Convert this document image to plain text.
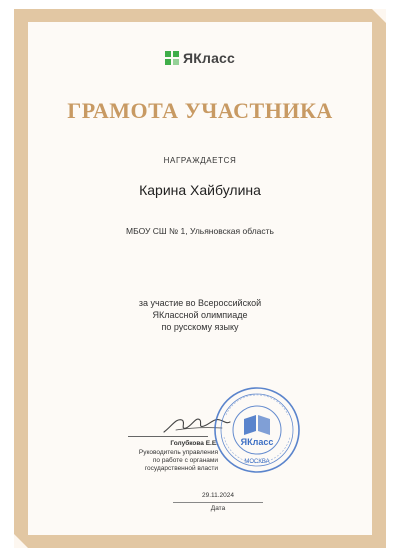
ЯКласс
ГРАМОТА УЧАСТНИКА
НАГРАЖДАЕТСЯ
Карина Хайбулина
МБОУ СШ № 1, Ульяновская область
за участие во Всероссийской
ЯКлассной олимпиаде
по русскому языку
Голубкова Е.Е.
Руководитель управления
по работе с органами
государственной власти
ЯКласс
МОСКВА
29.11.2024
Дата
